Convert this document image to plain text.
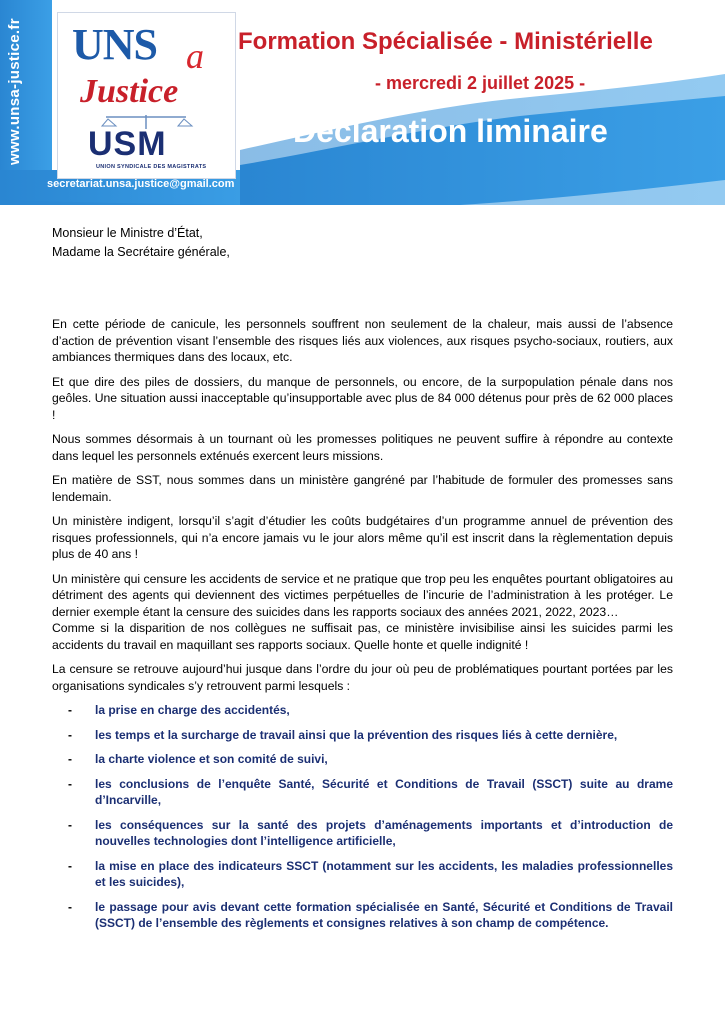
www.unsa-justice.fr UNS a
Justice
USM
UNION SYNDICALE DES MAGISTRATS
secretariat.unsa.justice@gmail.com
Formation Spécialisée - Ministérielle
- mercredi 2 juillet 2025 -
Déclaration liminaire
Monsieur le Ministre d’État,
Madame la Secrétaire générale,

En cette période de canicule, les personnels souffrent non seulement de la chaleur, mais aussi de l’absence d’action de prévention visant l’ensemble des risques liés aux violences, aux risques psycho-sociaux, routiers, aux ambiances thermiques dans des locaux, etc.

Et que dire des piles de dossiers, du manque de personnels, ou encore, de la surpopulation pénale dans nos geôles. Une situation aussi inacceptable qu’insupportable avec plus de 84 000 détenus pour près de 62 000 places !

Nous sommes désormais à un tournant où les promesses politiques ne peuvent suffire à répondre au contexte dans lequel les personnels exténués exercent leurs missions.

En matière de SST, nous sommes dans un ministère gangréné par l’habitude de formuler des promesses sans lendemain.

Un ministère indigent, lorsqu’il s’agit d’étudier les coûts budgétaires d’un programme annuel de prévention des risques professionnels, qui n’a encore jamais vu le jour alors même qu’il est inscrit dans la règlementation depuis plus de 40 ans !

Un ministère qui censure les accidents de service et ne pratique que trop peu les enquêtes pourtant obligatoires au détriment des agents qui deviennent des victimes perpétuelles de l’incurie de l’administration à les protéger. Le dernier exemple étant la censure des suicides dans les rapports sociaux des années 2021, 2022, 2023…

Comme si la disparition de nos collègues ne suffisait pas, ce ministère invisibilise ainsi les suicides parmi les accidents du travail en maquillant ses rapports sociaux. Quelle honte et quelle indignité !

La censure se retrouve aujourd’hui jusque dans l’ordre du jour où peu de problématiques pourtant portées par les organisations syndicales s’y retrouvent parmi lesquels :

- la prise en charge des accidentés,
- les temps et la surcharge de travail ainsi que la prévention des risques liés à cette dernière,
- la charte violence et son comité de suivi,
- les conclusions de l’enquête Santé, Sécurité et Conditions de Travail (SSCT) suite au drame d’Incarville,
- les conséquences sur la santé des projets d’aménagements importants et d’introduction de nouvelles technologies dont l’intelligence artificielle,
- la mise en place des indicateurs SSCT (notamment sur les accidents, les maladies professionnelles et les suicides),
- le passage pour avis devant cette formation spécialisée en Santé, Sécurité et Conditions de Travail (SSCT) de l’ensemble des règlements et consignes relatives à son champ de compétence.
